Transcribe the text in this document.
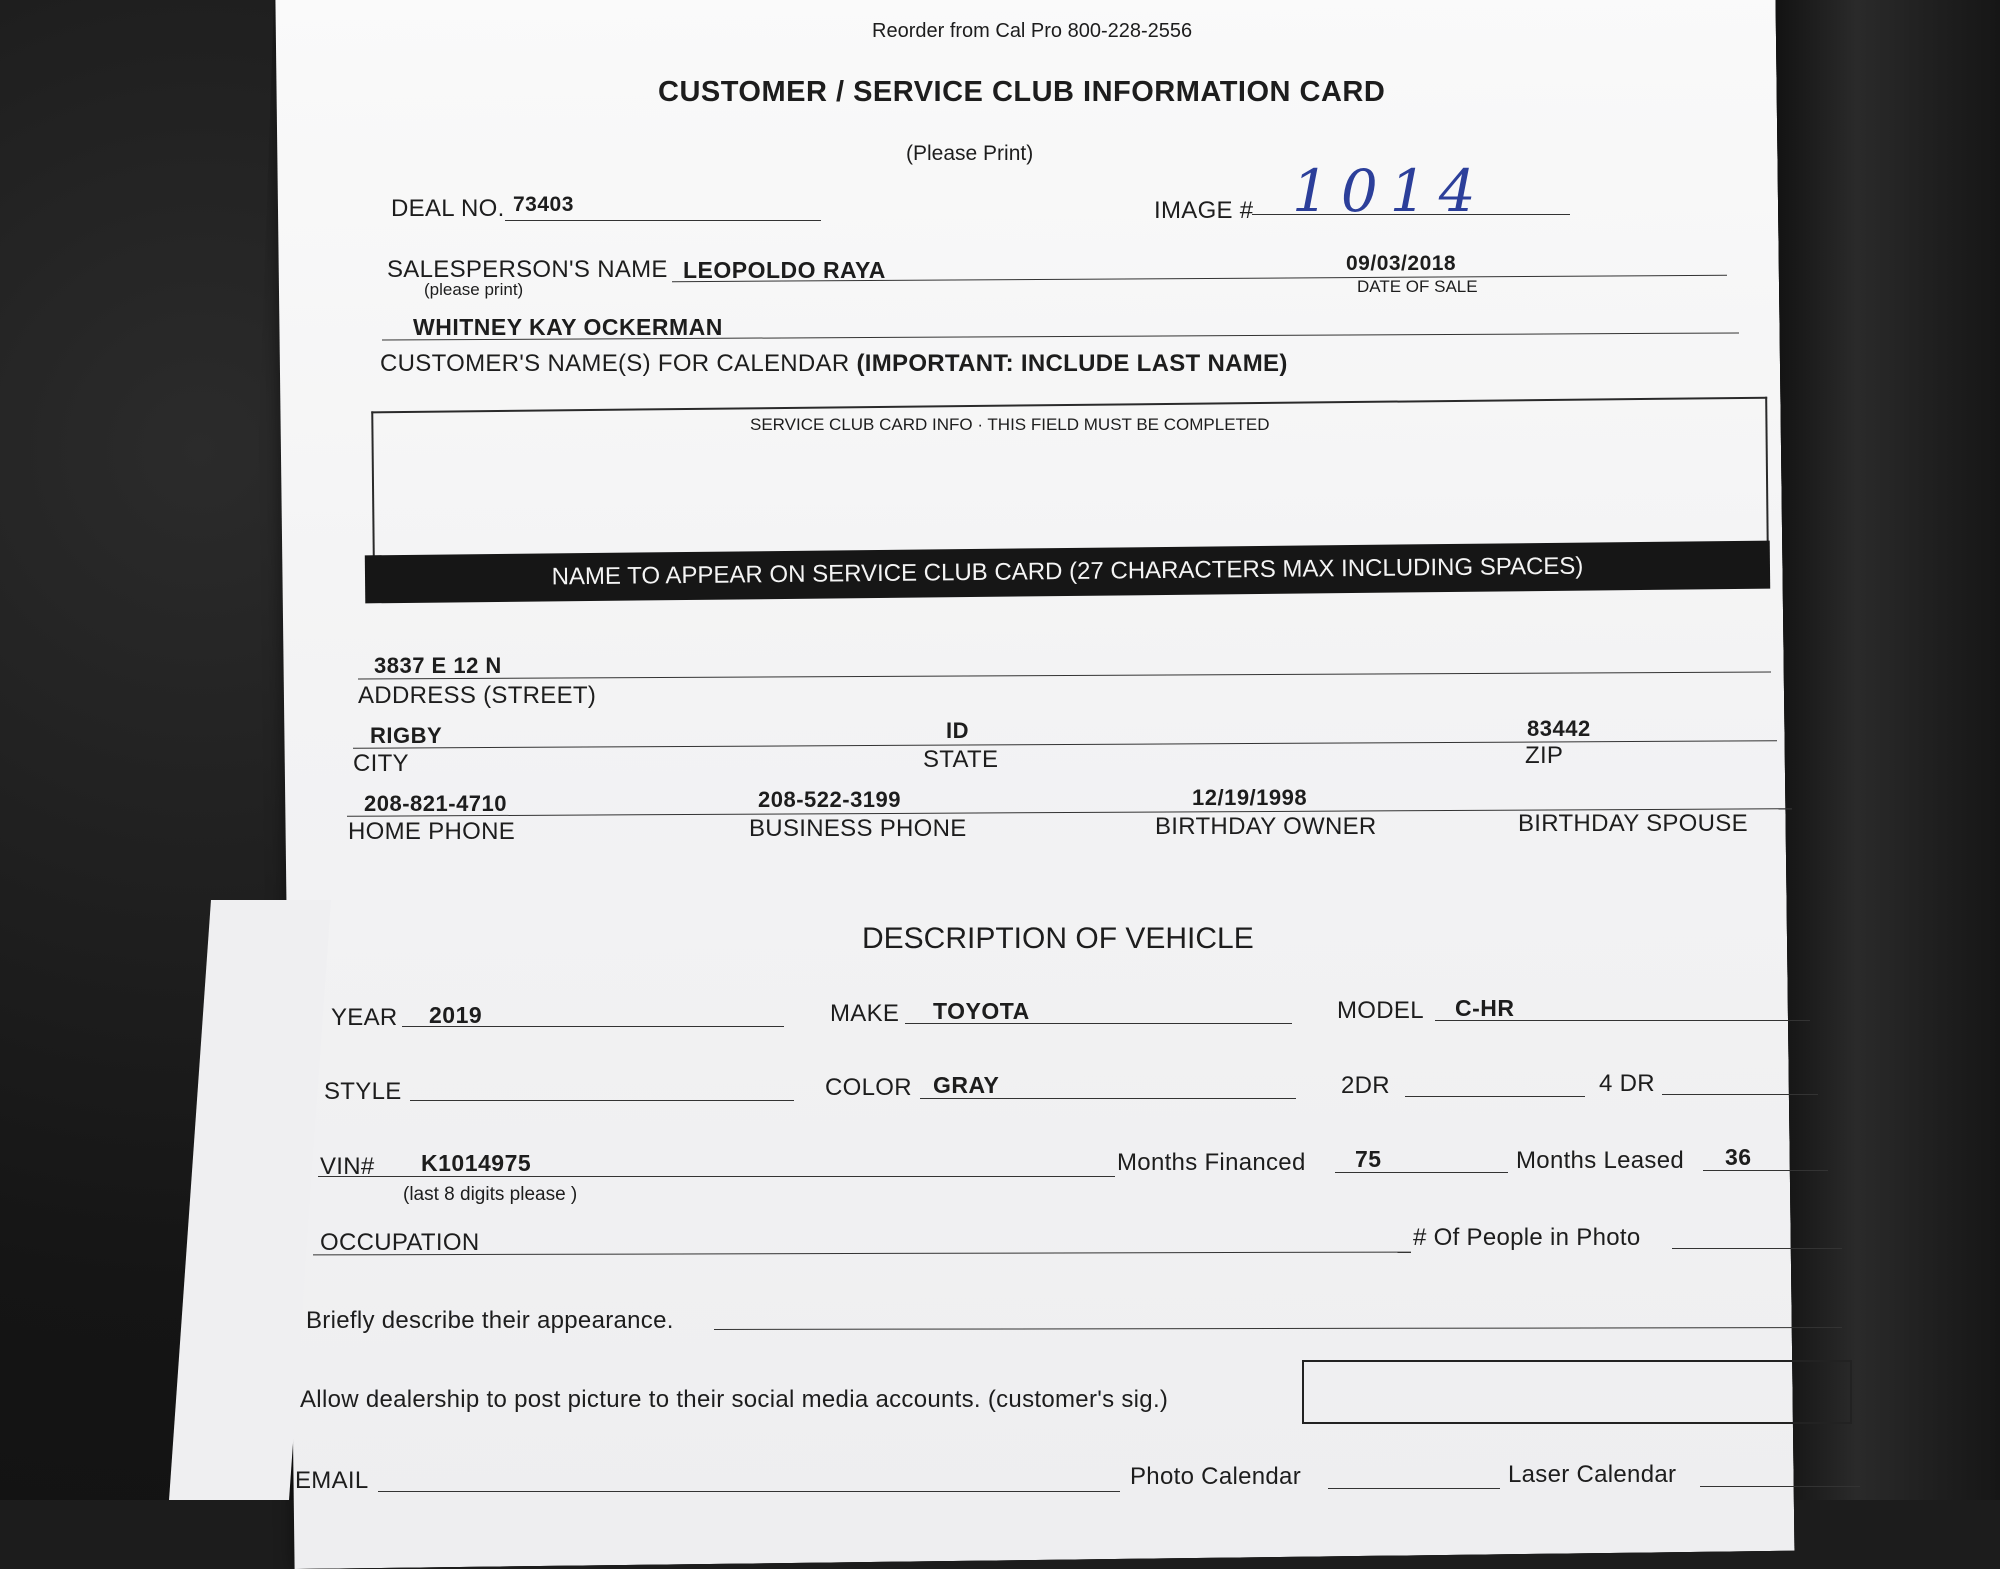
Reorder from Cal Pro 800-228-2556
CUSTOMER / SERVICE CLUB INFORMATION CARD
(Please Print)
DEAL NO. 73403	IMAGE # 1014
SALESPERSON'S NAME
(please print)
LEOPOLDO RAYA	09/03/2018
DATE OF SALE
WHITNEY KAY OCKERMAN
CUSTOMER'S NAME(S) FOR CALENDAR (IMPORTANT: INCLUDE LAST NAME)
SERVICE CLUB CARD INFO · THIS FIELD MUST BE COMPLETED
NAME TO APPEAR ON SERVICE CLUB CARD (27 CHARACTERS MAX INCLUDING SPACES)
3837 E 12 N
ADDRESS (STREET)
RIGBY	ID	83442
CITY	STATE	ZIP
208-821-4710	208-522-3199	12/19/1998
HOME PHONE	BUSINESS PHONE	BIRTHDAY OWNER	BIRTHDAY SPOUSE
DESCRIPTION OF VEHICLE
YEAR 2019	MAKE TOYOTA	MODEL C-HR
STYLE	COLOR GRAY	2DR	4 DR
VIN# K1014975
(last 8 digits please )
Months Financed 75	Months Leased 36
OCCUPATION	# Of People in Photo
Briefly describe their appearance.
Allow dealership to post picture to their social media accounts. (customer's sig.)
EMAIL	Photo Calendar	Laser Calendar
